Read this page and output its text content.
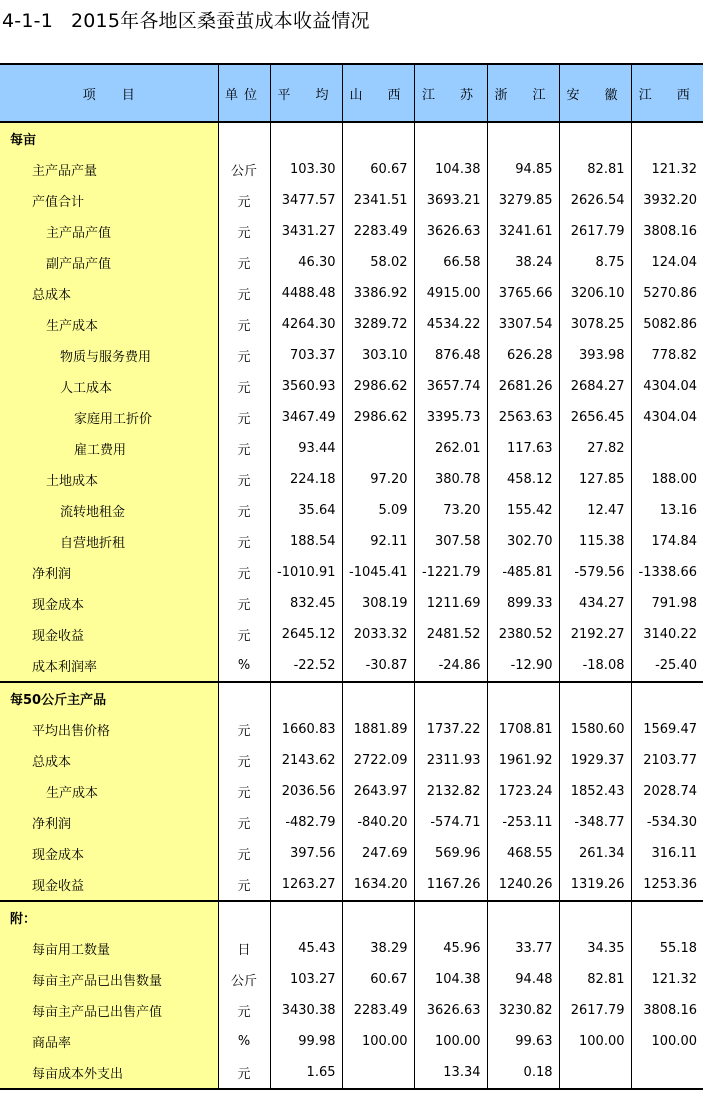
4-1-1 2015年各地区桑蚕茧成本收益情况
项　　目	单位	平　均	山　西	江　苏	浙　江	安　徽	江　西
每亩							
主产品产量	公斤	103.30	60.67	104.38	94.85	82.81	121.32
产值合计	元	3477.57	2341.51	3693.21	3279.85	2626.54	3932.20
主产品产值	元	3431.27	2283.49	3626.63	3241.61	2617.79	3808.16
副产品产值	元	46.30	58.02	66.58	38.24	8.75	124.04
总成本	元	4488.48	3386.92	4915.00	3765.66	3206.10	5270.86
生产成本	元	4264.30	3289.72	4534.22	3307.54	3078.25	5082.86
物质与服务费用	元	703.37	303.10	876.48	626.28	393.98	778.82
人工成本	元	3560.93	2986.62	3657.74	2681.26	2684.27	4304.04
家庭用工折价	元	3467.49	2986.62	3395.73	2563.63	2656.45	4304.04
雇工费用	元	93.44		262.01	117.63	27.82	
土地成本	元	224.18	97.20	380.78	458.12	127.85	188.00
流转地租金	元	35.64	5.09	73.20	155.42	12.47	13.16
自营地折租	元	188.54	92.11	307.58	302.70	115.38	174.84
净利润	元	-1010.91	-1045.41	-1221.79	-485.81	-579.56	-1338.66
现金成本	元	832.45	308.19	1211.69	899.33	434.27	791.98
现金收益	元	2645.12	2033.32	2481.52	2380.52	2192.27	3140.22
成本利润率	%	-22.52	-30.87	-24.86	-12.90	-18.08	-25.40
每50公斤主产品							
平均出售价格	元	1660.83	1881.89	1737.22	1708.81	1580.60	1569.47
总成本	元	2143.62	2722.09	2311.93	1961.92	1929.37	2103.77
生产成本	元	2036.56	2643.97	2132.82	1723.24	1852.43	2028.74
净利润	元	-482.79	-840.20	-574.71	-253.11	-348.77	-534.30
现金成本	元	397.56	247.69	569.96	468.55	261.34	316.11
现金收益	元	1263.27	1634.20	1167.26	1240.26	1319.26	1253.36
附：							
每亩用工数量	日	45.43	38.29	45.96	33.77	34.35	55.18
每亩主产品已出售数量	公斤	103.27	60.67	104.38	94.48	82.81	121.32
每亩主产品已出售产值	元	3430.38	2283.49	3626.63	3230.82	2617.79	3808.16
商品率	%	99.98	100.00	100.00	99.63	100.00	100.00
每亩成本外支出	元	1.65		13.34	0.18		
